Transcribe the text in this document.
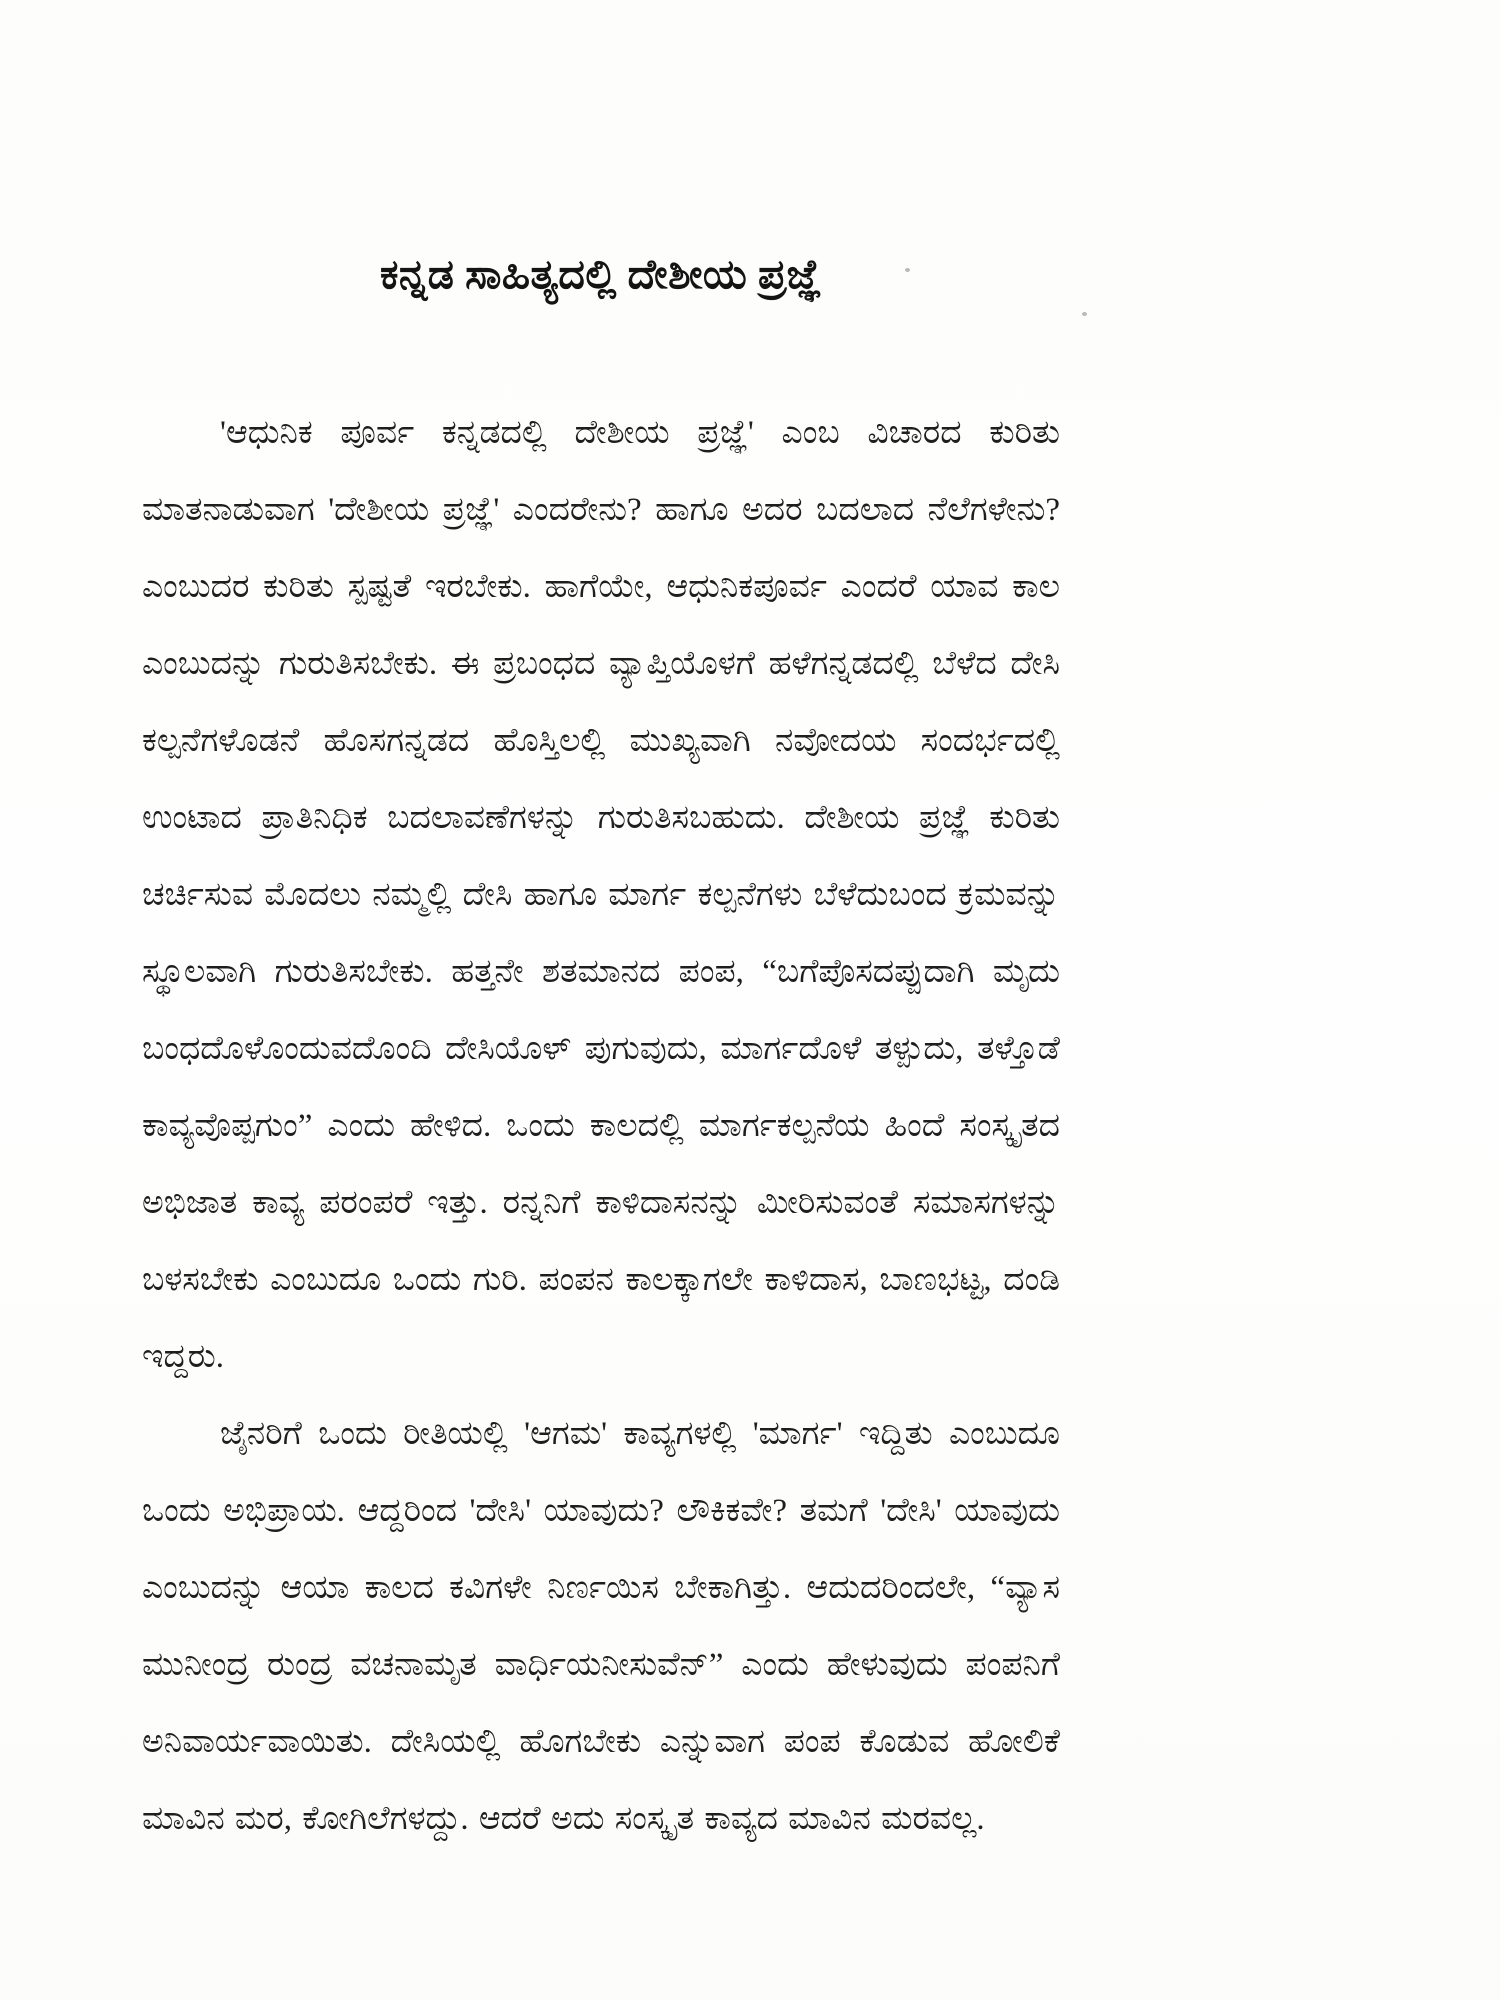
ಕನ್ನಡ ಸಾಹಿತ್ಯದಲ್ಲಿ ದೇಶೀಯ ಪ್ರಜ್ಞೆ

'ಆಧುನಿಕ ಪೂರ್ವ ಕನ್ನಡದಲ್ಲಿ ದೇಶೀಯ ಪ್ರಜ್ಞೆ' ಎಂಬ ವಿಚಾರದ ಕುರಿತು ಮಾತನಾಡುವಾಗ 'ದೇಶೀಯ ಪ್ರಜ್ಞೆ' ಎಂದರೇನು? ಹಾಗೂ ಅದರ ಬದಲಾದ ನೆಲೆಗಳೇನು? ಎಂಬುದರ ಕುರಿತು ಸ್ಪಷ್ಟತೆ ಇರಬೇಕು. ಹಾಗೆಯೇ, ಆಧುನಿಕಪೂರ್ವ ಎಂದರೆ ಯಾವ ಕಾಲ ಎಂಬುದನ್ನು ಗುರುತಿಸಬೇಕು. ಈ ಪ್ರಬಂಧದ ವ್ಯಾಪ್ತಿಯೊಳಗೆ ಹಳೆಗನ್ನಡದಲ್ಲಿ ಬೆಳೆದ ದೇಸಿ ಕಲ್ಪನೆಗಳೊಡನೆ ಹೊಸಗನ್ನಡದ ಹೊಸ್ತಿಲಲ್ಲಿ ಮುಖ್ಯವಾಗಿ ನವೋದಯ ಸಂದರ್ಭದಲ್ಲಿ ಉಂಟಾದ ಪ್ರಾತಿನಿಧಿಕ ಬದಲಾವಣೆಗಳನ್ನು ಗುರುತಿಸಬಹುದು. ದೇಶೀಯ ಪ್ರಜ್ಞೆ ಕುರಿತು ಚರ್ಚಿಸುವ ಮೊದಲು ನಮ್ಮಲ್ಲಿ ದೇಸಿ ಹಾಗೂ ಮಾರ್ಗ ಕಲ್ಪನೆಗಳು ಬೆಳೆದುಬಂದ ಕ್ರಮವನ್ನು ಸ್ಥೂಲವಾಗಿ ಗುರುತಿಸಬೇಕು. ಹತ್ತನೇ ಶತಮಾನದ ಪಂಪ, “ಬಗೆಪೊಸದಪ್ಪುದಾಗಿ ಮೃದು ಬಂಧದೊಳೊಂದುವದೊಂದಿ ದೇಸಿಯೊಳ್ ಪುಗುವುದು, ಮಾರ್ಗದೊಳೆ ತಳ್ಪುದು, ತಳ್ತೊಡೆ ಕಾವ್ಯವೊಪ್ಪಗುಂ” ಎಂದು ಹೇಳಿದ. ಒಂದು ಕಾಲದಲ್ಲಿ ಮಾರ್ಗಕಲ್ಪನೆಯ ಹಿಂದೆ ಸಂಸ್ಕೃತದ ಅಭಿಜಾತ ಕಾವ್ಯ ಪರಂಪರೆ ಇತ್ತು. ರನ್ನನಿಗೆ ಕಾಳಿದಾಸನನ್ನು ಮೀರಿಸುವಂತೆ ಸಮಾಸಗಳನ್ನು ಬಳಸಬೇಕು ಎಂಬುದೂ ಒಂದು ಗುರಿ. ಪಂಪನ ಕಾಲಕ್ಕಾಗಲೇ ಕಾಳಿದಾಸ, ಬಾಣಭಟ್ಟ, ದಂಡಿ ಇದ್ದರು.

ಜೈನರಿಗೆ ಒಂದು ರೀತಿಯಲ್ಲಿ 'ಆಗಮ' ಕಾವ್ಯಗಳಲ್ಲಿ 'ಮಾರ್ಗ' ಇದ್ದಿತು ಎಂಬುದೂ ಒಂದು ಅಭಿಪ್ರಾಯ. ಆದ್ದರಿಂದ 'ದೇಸಿ' ಯಾವುದು? ಲೌಕಿಕವೇ? ತಮಗೆ 'ದೇಸಿ' ಯಾವುದು ಎಂಬುದನ್ನು ಆಯಾ ಕಾಲದ ಕವಿಗಳೇ ನಿರ್ಣಯಿಸ ಬೇಕಾಗಿತ್ತು. ಆದುದರಿಂದಲೇ, “ವ್ಯಾಸ ಮುನೀಂದ್ರ ರುಂದ್ರ ವಚನಾಮೃತ ವಾರ್ಧಿಯನೀಸುವೆನ್” ಎಂದು ಹೇಳುವುದು ಪಂಪನಿಗೆ ಅನಿವಾರ್ಯವಾಯಿತು. ದೇಸಿಯಲ್ಲಿ ಹೊಗಬೇಕು ಎನ್ನುವಾಗ ಪಂಪ ಕೊಡುವ ಹೋಲಿಕೆ ಮಾವಿನ ಮರ, ಕೋಗಿಲೆಗಳದ್ದು. ಆದರೆ ಅದು ಸಂಸ್ಕೃತ ಕಾವ್ಯದ ಮಾವಿನ ಮರವಲ್ಲ.
